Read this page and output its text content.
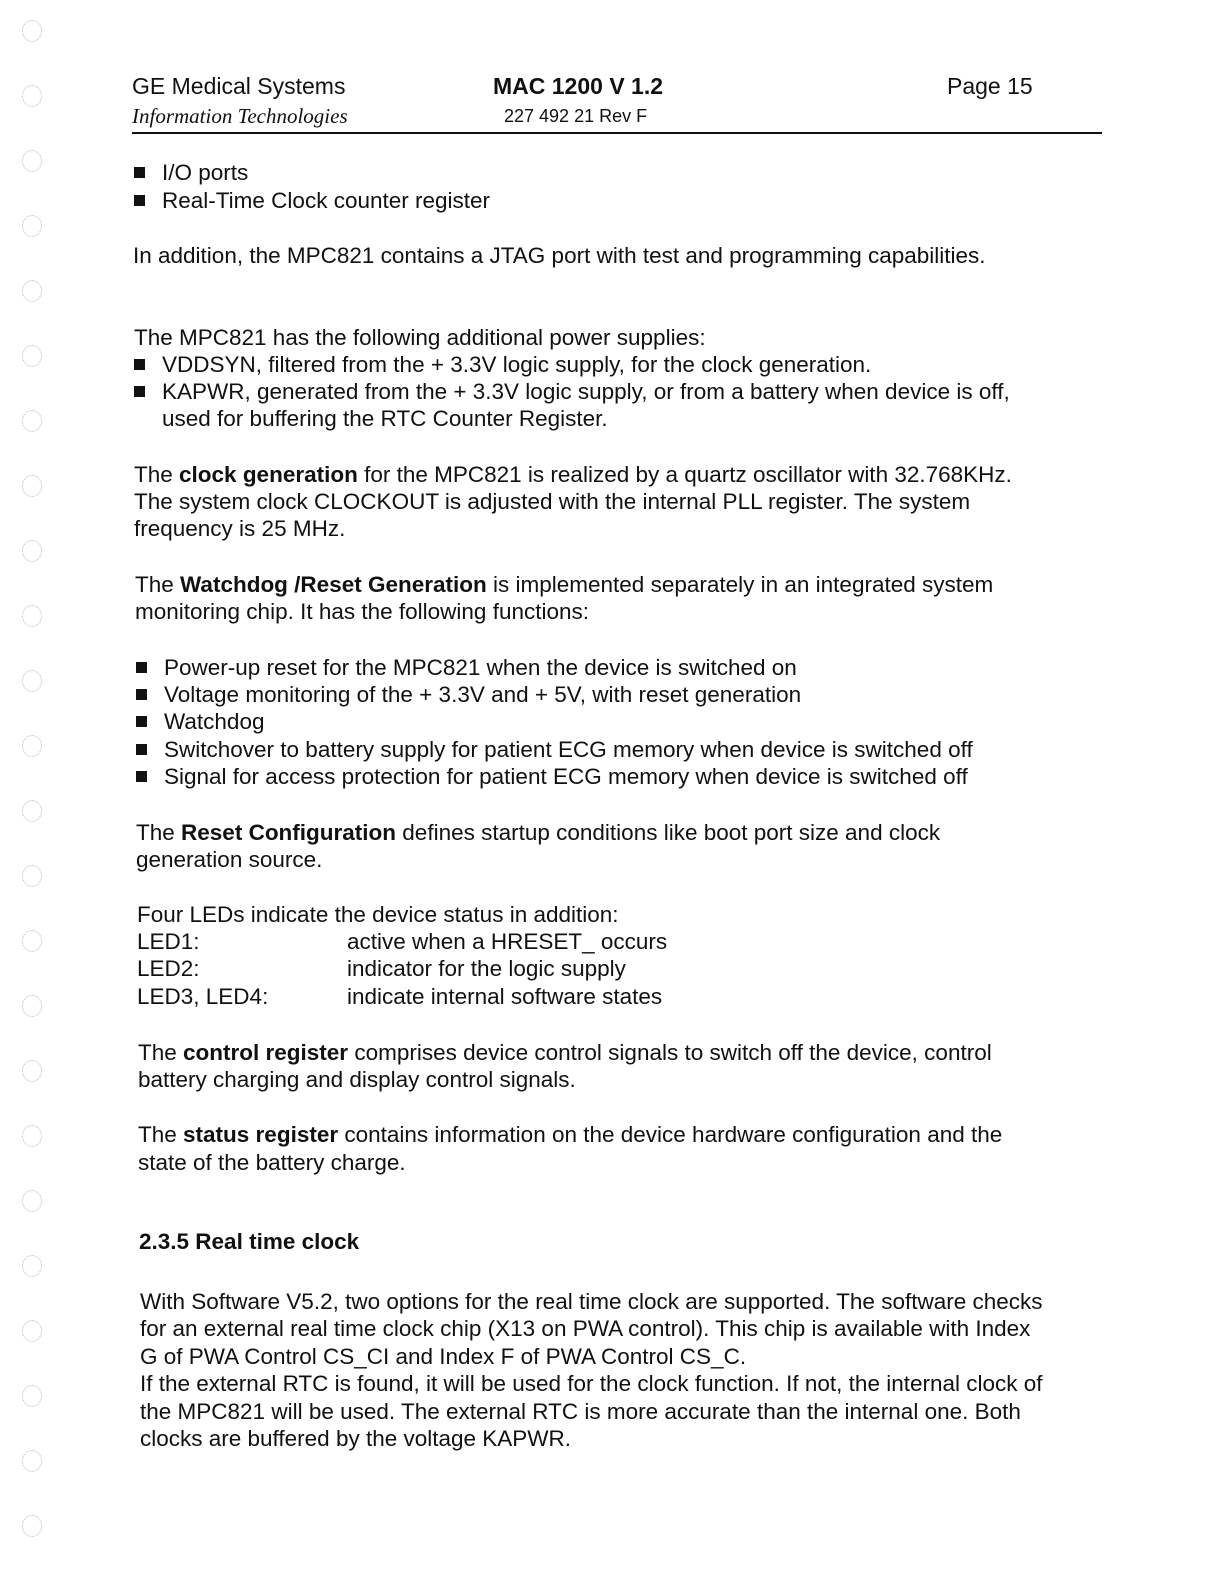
GE Medical Systems
Information Technologies
MAC 1200 V 1.2
227 492 21 Rev F
Page 15
I/O ports
Real-Time Clock counter register
In addition, the MPC821 contains a JTAG port with test and programming capabilities.
The MPC821 has the following additional power supplies:
VDDSYN, filtered from the + 3.3V logic supply, for the clock generation.
KAPWR, generated from the + 3.3V logic supply, or from a battery when device is off,
used for buffering the RTC Counter Register.
The clock generation for the MPC821 is realized by a quartz oscillator with 32.768KHz.
The system clock CLOCKOUT is adjusted with the internal PLL register. The system
frequency is 25 MHz.
The Watchdog /Reset Generation is implemented separately in an integrated system
monitoring chip. It has the following functions:
Power-up reset for the MPC821 when the device is switched on
Voltage monitoring of the + 3.3V and + 5V, with reset generation
Watchdog
Switchover to battery supply for patient ECG memory when device is switched off
Signal for access protection for patient ECG memory when device is switched off
The Reset Configuration defines startup conditions like boot port size and clock
generation source.
Four LEDs indicate the device status in addition:
LED1:	active when a HRESET_ occurs
LED2:	indicator for the logic supply
LED3, LED4:	indicate internal software states
The control register comprises device control signals to switch off the device, control
battery charging and display control signals.
The status register contains information on the device hardware configuration and the
state of the battery charge.
2.3.5 Real time clock
With Software V5.2, two options for the real time clock are supported. The software checks
for an external real time clock chip (X13 on PWA control). This chip is available with Index
G of PWA Control CS_CI and Index F of PWA Control CS_C.
If the external RTC is found, it will be used for the clock function. If not, the internal clock of
the MPC821 will be used. The external RTC is more accurate than the internal one. Both
clocks are buffered by the voltage KAPWR.
